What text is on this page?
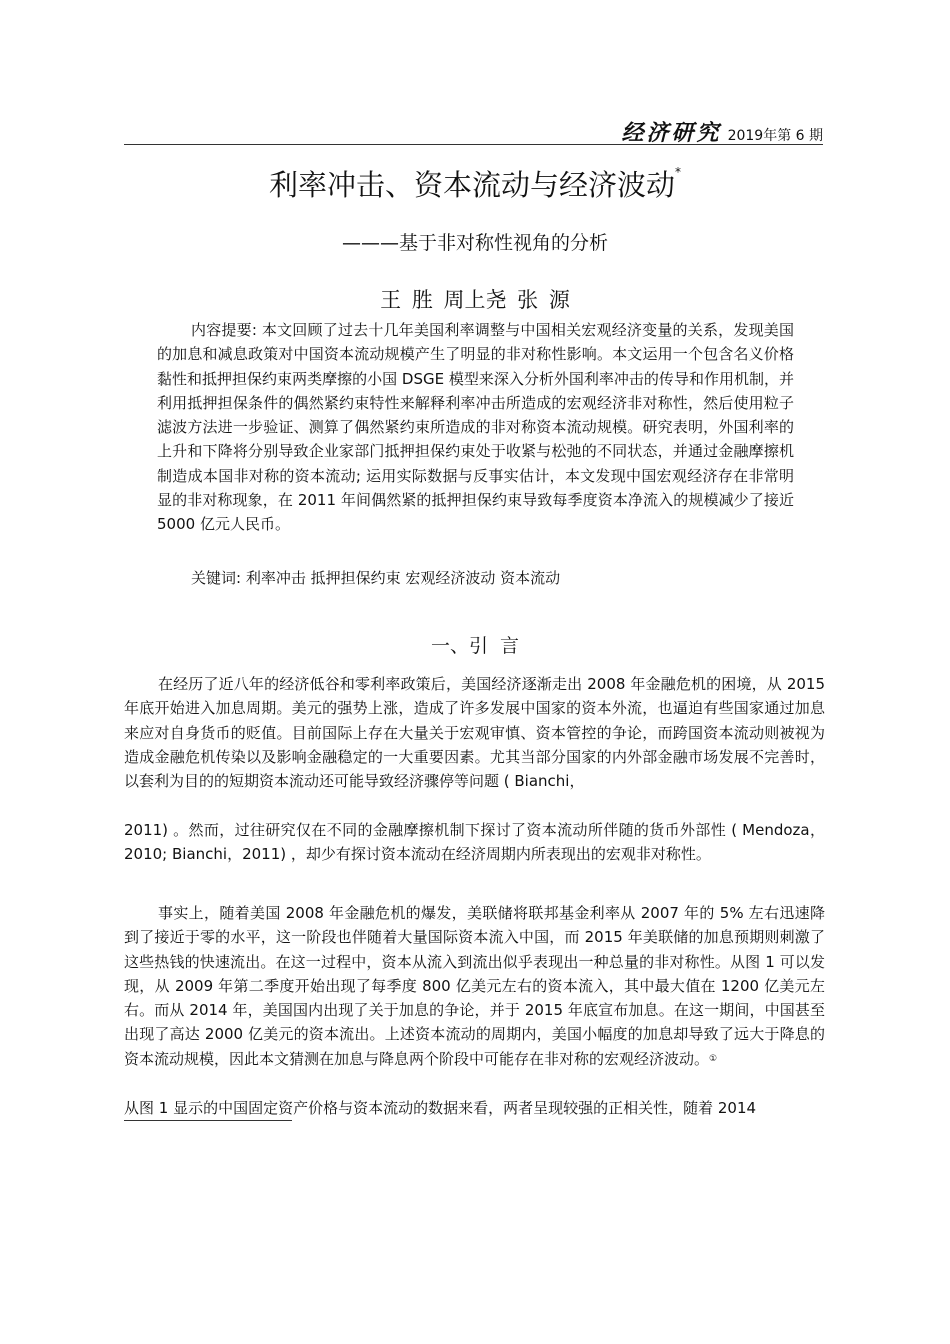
经济研究 2019年第 6 期
利率冲击、资本流动与经济波动*
———基于非对称性视角的分析
王 胜 周上尧 张 源

内容提要: 本文回顾了过去十几年美国利率调整与中国相关宏观经济变量的关系，发现美国的加息和减息政策对中国资本流动规模产生了明显的非对称性影响。本文运用一个包含名义价格黏性和抵押担保约束两类摩擦的小国 DSGE 模型来深入分析外国利率冲击的传导和作用机制，并利用抵押担保条件的偶然紧约束特性来解释利率冲击所造成的宏观经济非对称性，然后使用粒子滤波方法进一步验证、测算了偶然紧约束所造成的非对称资本流动规模。研究表明，外国利率的上升和下降将分别导致企业家部门抵押担保约束处于收紧与松弛的不同状态，并通过金融摩擦机制造成本国非对称的资本流动; 运用实际数据与反事实估计，本文发现中国宏观经济存在非常明显的非对称现象，在 2011 年间偶然紧的抵押担保约束导致每季度资本净流入的规模减少了接近 5000 亿元人民币。

关键词: 利率冲击 抵押担保约束 宏观经济波动 资本流动
一、引 言

在经历了近八年的经济低谷和零利率政策后，美国经济逐渐走出 2008 年金融危机的困境，从 2015 年底开始进入加息周期。美元的强势上涨，造成了许多发展中国家的资本外流，也逼迫有些国家通过加息来应对自身货币的贬值。目前国际上存在大量关于宏观审慎、资本管控的争论，而跨国资本流动则被视为造成金融危机传染以及影响金融稳定的一大重要因素。尤其当部分国家的内外部金融市场发展不完善时，以套利为目的的短期资本流动还可能导致经济骤停等问题 ( Bianchi，

2011) 。然而，过往研究仅在不同的金融摩擦机制下探讨了资本流动所伴随的货币外部性 ( Mendoza，2010; Bianchi，2011) ，却少有探讨资本流动在经济周期内所表现出的宏观非对称性。

事实上，随着美国 2008 年金融危机的爆发，美联储将联邦基金利率从 2007 年的 5% 左右迅速降到了接近于零的水平，这一阶段也伴随着大量国际资本流入中国，而 2015 年美联储的加息预期则刺激了这些热钱的快速流出。在这一过程中，资本从流入到流出似乎表现出一种总量的非对称性。从图 1 可以发现，从 2009 年第二季度开始出现了每季度 800 亿美元左右的资本流入，其中最大值在 1200 亿美元左右。而从 2014 年，美国国内出现了关于加息的争论，并于 2015 年底宣布加息。在这一期间，中国甚至出现了高达 2000 亿美元的资本流出。上述资本流动的周期内，美国小幅度的加息却导致了远大于降息的资本流动规模，因此本文猜测在加息与降息两个阶段中可能存在非对称的宏观经济波动。①

从图 1 显示的中国固定资产价格与资本流动的数据来看，两者呈现较强的正相关性，随着 2014
